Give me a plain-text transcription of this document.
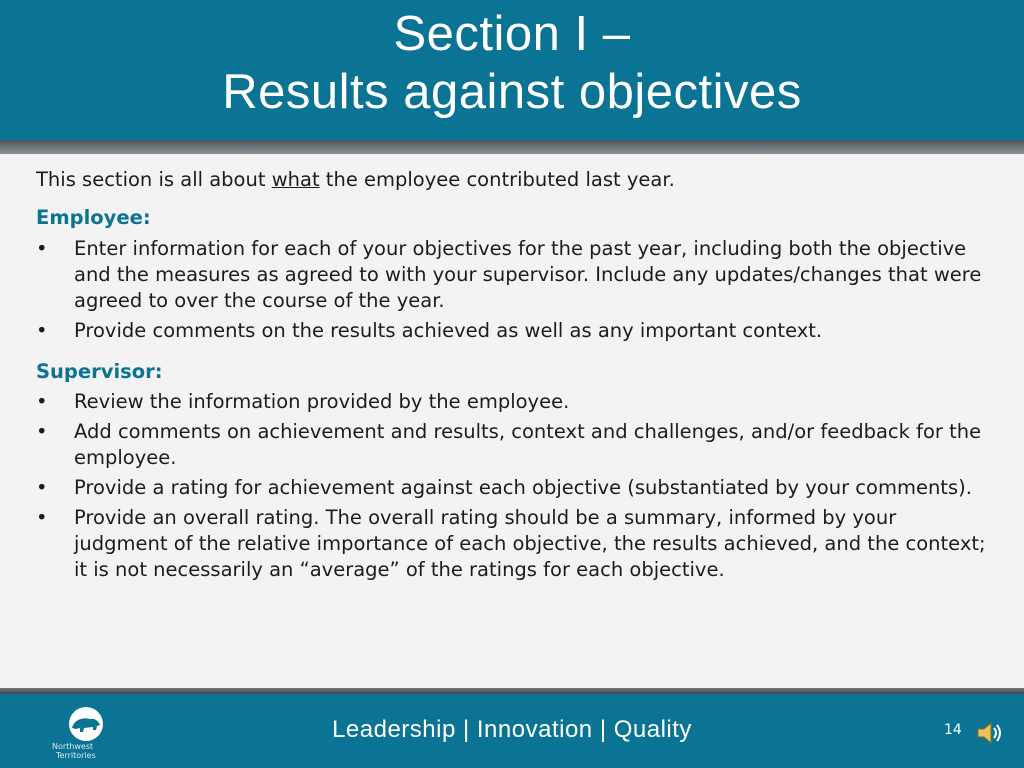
Section I –
Results against objectives
This section is all about what the employee contributed last year.
Employee:
• Enter information for each of your objectives for the past year, including both the objective and the measures as agreed to with your supervisor. Include any updates/changes that were agreed to over the course of the year.
• Provide comments on the results achieved as well as any important context.
Supervisor:
• Review the information provided by the employee.
• Add comments on achievement and results, context and challenges, and/or feedback for the employee.
• Provide a rating for achievement against each objective (substantiated by your comments).
• Provide an overall rating. The overall rating should be a summary, informed by your judgment of the relative importance of each objective, the results achieved, and the context; it is not necessarily an “average” of the ratings for each objective.
Northwest
Territories
Leadership | Innovation | Quality	14
